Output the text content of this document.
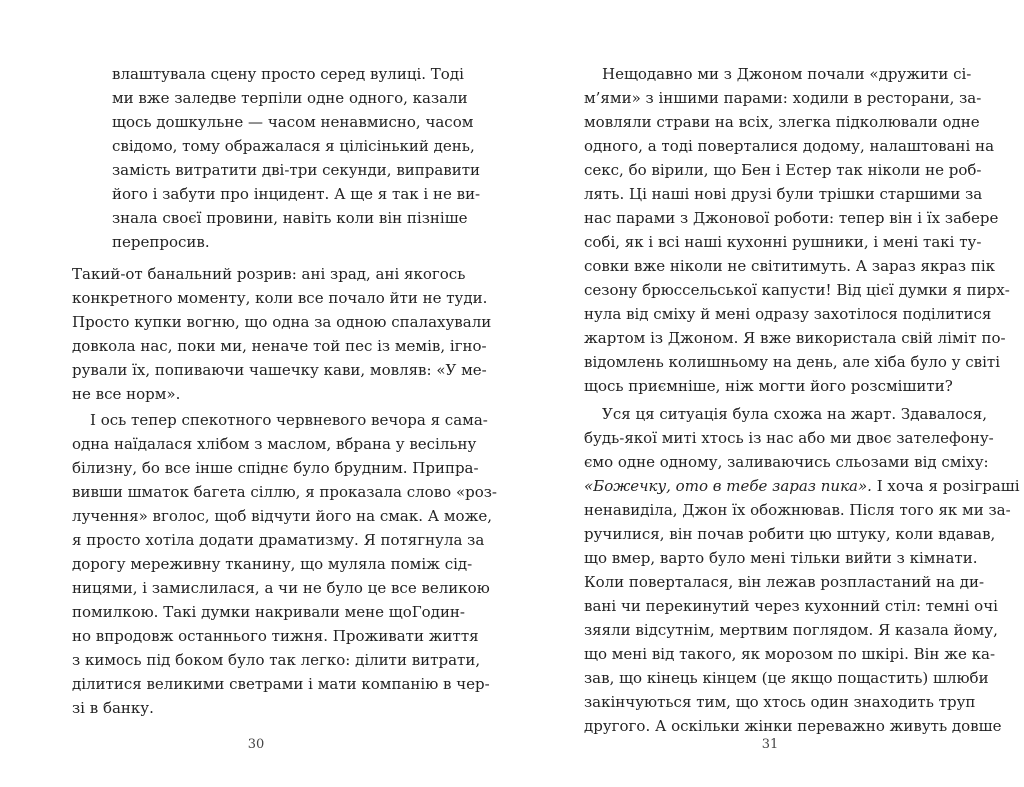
влаштувала сцену просто серед вулиці. Тоді
ми вже заледве терпіли одне одного, казали
щось дошкульне — часом ненавмисно, часом
свідомо, тому ображалася я цілісінький день,
замість витратити дві-три секунди, виправити
його і забути про інцидент. А ще я так і не ви-
знала своєї провини, навіть коли він пізніше
перепросив.
Такий-от банальний розрив: ані зрад, ані якогось
конкретного моменту, коли все почало йти не туди.
Просто купки вогню, що одна за одною спалахували
довкола нас, поки ми, неначе той пес із мемів, ігно-
рували їх, попиваючи чашечку кави, мовляв: «У ме-
не все норм».
І ось тепер спекотного червневого вечора я сама-
одна наїдалася хлібом з маслом, вбрана у весільну
білизну, бо все інше спіднє було брудним. Припра-
вивши шматок багета сіллю, я проказала слово «роз-
лучення» вголос, щоб відчути його на смак. А може,
я просто хотіла додати драматизму. Я потягнула за
дорогу мереживну тканину, що муляла поміж сід-
ницями, і замислилася, а чи не було це все великою
помилкою. Такі думки накривали мене щоГодин-
но впродовж останнього тижня. Проживати життя
з кимось під боком було так легко: ділити витрати,
ділитися великими светрами і мати компанію в чер-
зі в банку.
30
Нещодавно ми з Джоном почали «дружити сі-
м’ями» з іншими парами: ходили в ресторани, за-
мовляли страви на всіх, злегка підколювали одне
одного, а тоді поверталися додому, налаштовані на
секс, бо вірили, що Бен і Естер так ніколи не роб-
лять. Ці наші нові друзі були трішки старшими за
нас парами з Джонової роботи: тепер він і їх забере
собі, як і всі наші кухонні рушники, і мені такі ту-
совки вже ніколи не світитимуть. А зараз якраз пік
сезону брюссельської капусти! Від цієї думки я пирх-
нула від сміху й мені одразу захотілося поділитися
жартом із Джоном. Я вже використала свій ліміт по-
відомлень колишньому на день, але хіба було у світі
щось приємніше, ніж могти його розсмішити?
«Божечку, ото в тебе зараз пика». І хоча я розіграші
Уся ця ситуація була схожа на жарт. Здавалося,
будь-якої миті хтось із нас або ми двоє зателефону-
ємо одне одному, заливаючись сльозами від сміху:
ненавиділа, Джон їх обожнював. Після того як ми за-
ручилися, він почав робити цю штуку, коли вдавав,
що вмер, варто було мені тільки вийти з кімнати.
Коли поверталася, він лежав розпластаний на ди-
вані чи перекинутий через кухонний стіл: темні очі
зяяли відсутнім, мертвим поглядом. Я казала йому,
що мені від такого, як морозом по шкірі. Він же ка-
зав, що кінець кінцем (це якщо пощастить) шлюби
закінчуються тим, що хтось один знаходить труп
другого. А оскільки жінки переважно живуть довше
31
